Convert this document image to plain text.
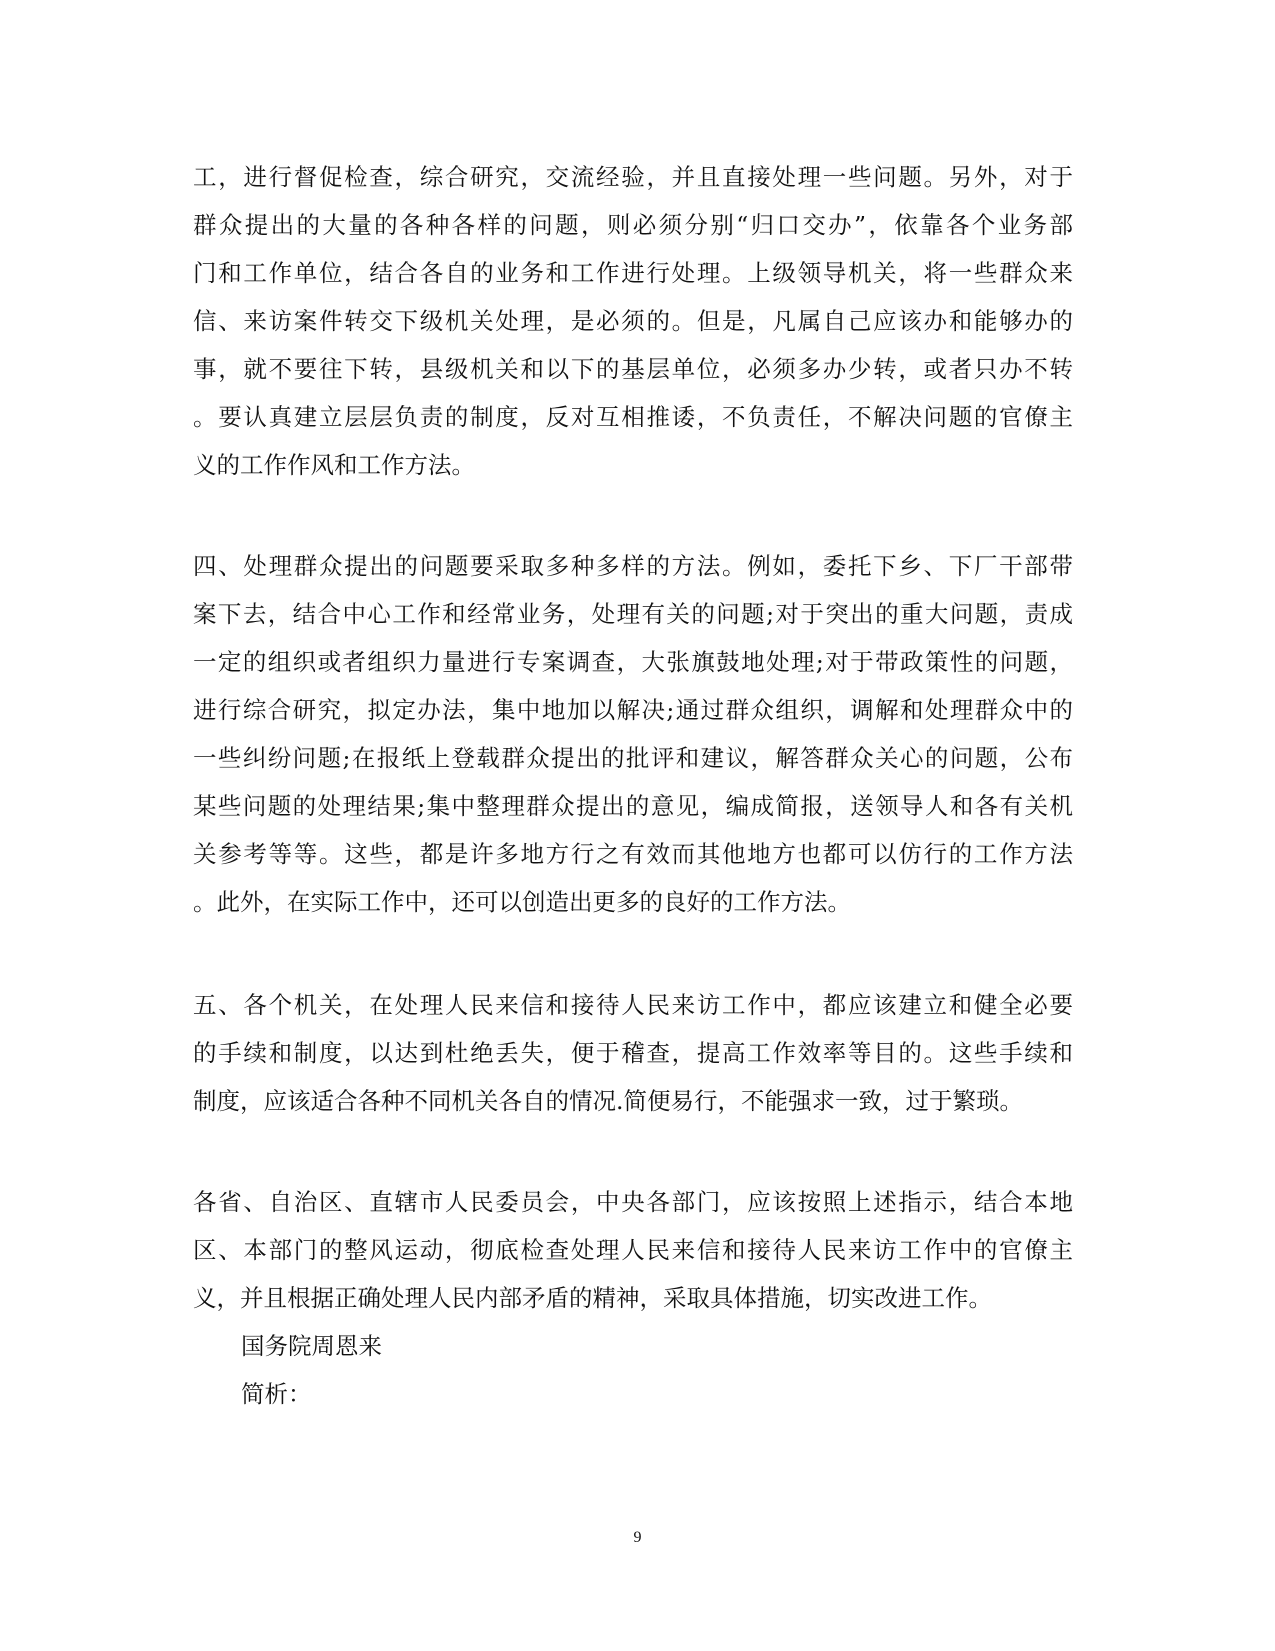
工，进行督促检查，综合研究，交流经验，并且直接处理一些问题。另外，对于
群众提出的大量的各种各样的问题，则必须分别“归口交办”，依靠各个业务部
门和工作单位，结合各自的业务和工作进行处理。上级领导机关，将一些群众来
信、来访案件转交下级机关处理，是必须的。但是，凡属自己应该办和能够办的
事，就不要往下转，县级机关和以下的基层单位，必须多办少转，或者只办不转
。要认真建立层层负责的制度，反对互相推诿，不负责任，不解决问题的官僚主
义的工作作风和工作方法。
四、处理群众提出的问题要采取多种多样的方法。例如，委托下乡、下厂干部带
案下去，结合中心工作和经常业务，处理有关的问题;对于突出的重大问题，责成
一定的组织或者组织力量进行专案调查，大张旗鼓地处理;对于带政策性的问题，
进行综合研究，拟定办法，集中地加以解决;通过群众组织，调解和处理群众中的
一些纠纷问题;在报纸上登载群众提出的批评和建议，解答群众关心的问题，公布
某些问题的处理结果;集中整理群众提出的意见，编成简报，送领导人和各有关机
关参考等等。这些，都是许多地方行之有效而其他地方也都可以仿行的工作方法
。此外，在实际工作中，还可以创造出更多的良好的工作方法。
五、各个机关，在处理人民来信和接待人民来访工作中，都应该建立和健全必要
的手续和制度，以达到杜绝丢失，便于稽查，提高工作效率等目的。这些手续和
制度，应该适合各种不同机关各自的情况.简便易行，不能强求一致，过于繁琐。
各省、自治区、直辖市人民委员会，中央各部门，应该按照上述指示，结合本地
区、本部门的整风运动，彻底检查处理人民来信和接待人民来访工作中的官僚主
义，并且根据正确处理人民内部矛盾的精神，采取具体措施，切实改进工作。
国务院周恩来
简析：
9
